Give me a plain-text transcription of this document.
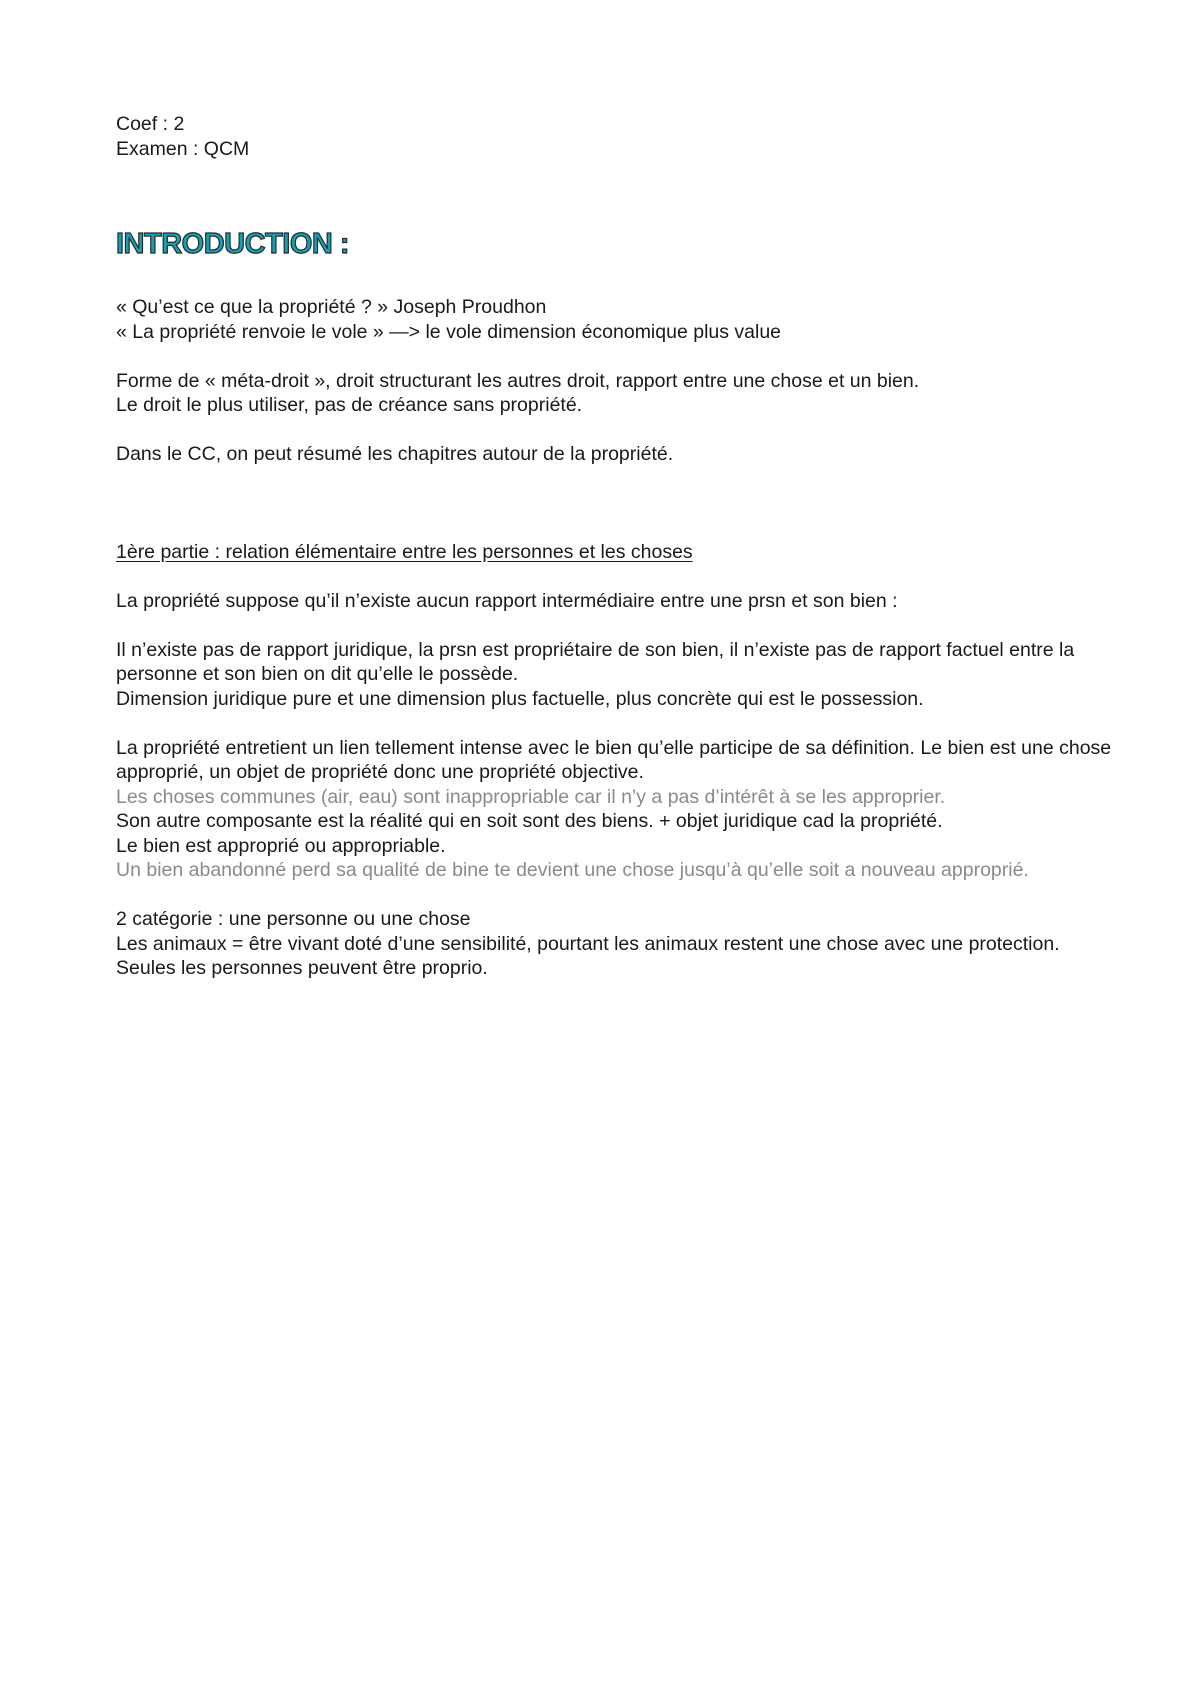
Coef : 2
Examen : QCM
INTRODUCTION :
« Qu’est ce que la propriété ? » Joseph Proudhon
« La propriété renvoie le vole » —> le vole dimension économique plus value
Forme de « méta-droit », droit structurant les autres droit, rapport entre une chose et un bien.
Le droit le plus utiliser, pas de créance sans propriété.
Dans le CC, on peut résumé les chapitres autour de la propriété.
1ère partie : relation élémentaire entre les personnes et les choses
La propriété suppose qu’il n’existe aucun rapport intermédiaire entre une prsn et son bien :
Il n’existe pas de rapport juridique, la prsn est propriétaire de son bien, il n’existe pas de rapport factuel entre la personne et son bien on dit qu’elle le possède.
Dimension juridique pure et une dimension plus factuelle, plus concrète qui est le possession.
La propriété entretient un lien tellement intense avec le bien qu’elle participe de sa définition. Le bien est une chose approprié, un objet de propriété donc une propriété objective.
Les choses communes (air, eau) sont inappropriable car il n’y a pas d’intérêt à se les approprier.
Son autre composante est la réalité qui en soit sont des biens. + objet juridique cad la propriété.
Le bien est approprié ou appropriable.
Un bien abandonné perd sa qualité de bine te devient une chose jusqu’à qu’elle soit a nouveau approprié.
2 catégorie : une personne ou une chose
Les animaux = être vivant doté d’une sensibilité, pourtant les animaux restent une chose avec une protection. Seules les personnes peuvent être proprio.
